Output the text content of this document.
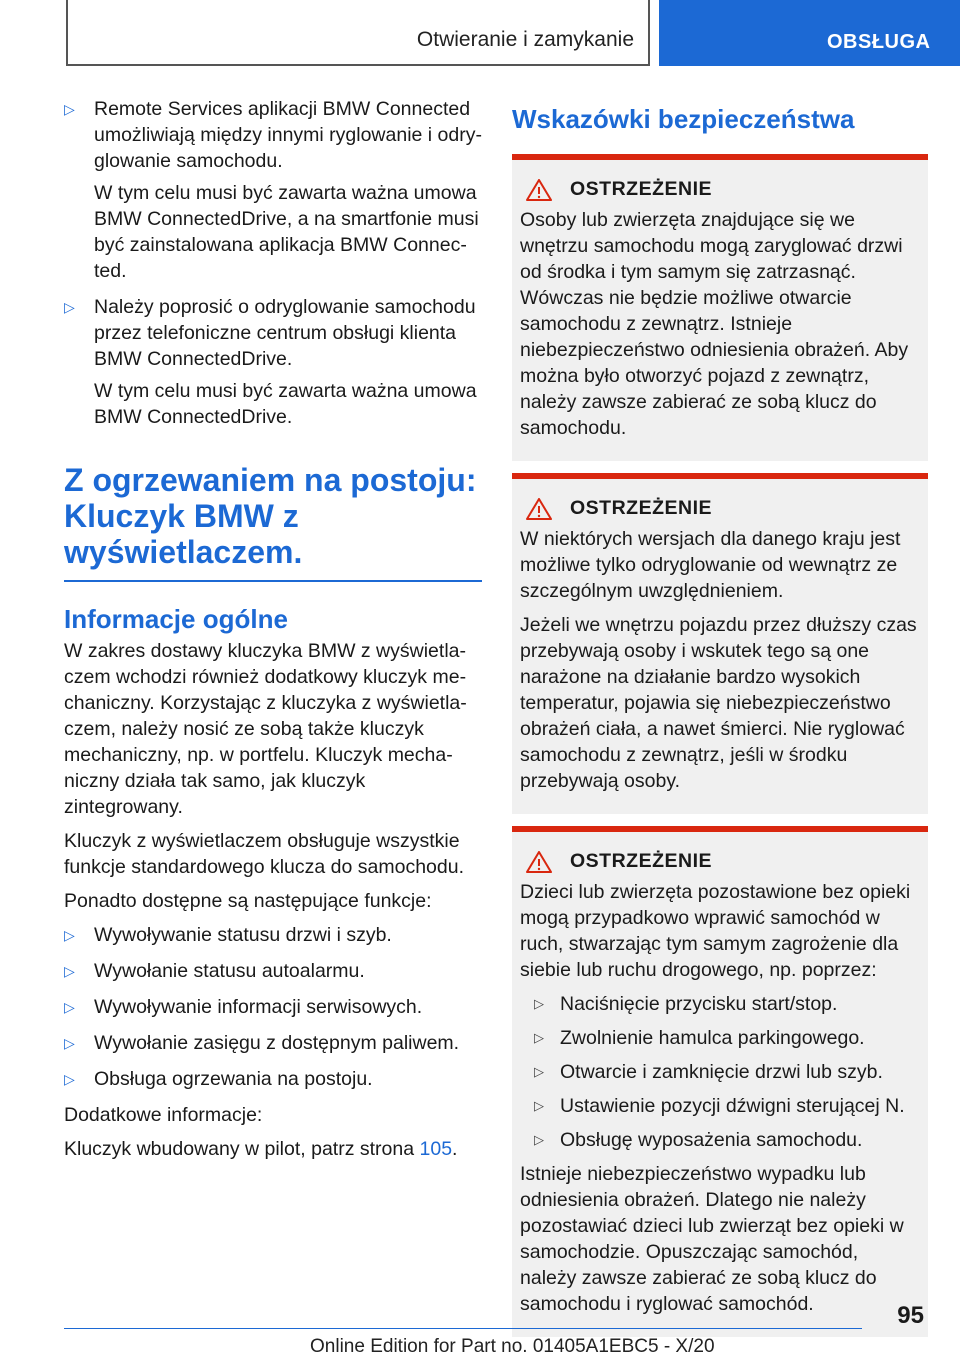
Otwieranie i zamykanie	OBSŁUGA
▷ Remote Services aplikacji BMW Connected umożliwiają między innymi ryglowanie i odryglowanie samochodu.

W tym celu musi być zawarta ważna umowa BMW ConnectedDrive, a na smartfonie musi być zainstalowana aplikacja BMW Connected.

▷ Należy poprosić o odryglowanie samochodu przez telefoniczne centrum obsługi klienta BMW ConnectedDrive.

W tym celu musi być zawarta ważna umowa BMW ConnectedDrive.

Z ogrzewaniem na postoju: Kluczyk BMW z wyświetlaczem.
Informacje ogólne

W zakres dostawy kluczyka BMW z wyświetlaczem wchodzi również dodatkowy kluczyk mechaniczny. Korzystając z kluczyka z wyświetlaczem, należy nosić ze sobą także kluczyk mechaniczny, np. w portfelu. Kluczyk mechaniczny działa tak samo, jak kluczyk zintegrowany.

Kluczyk z wyświetlaczem obsługuje wszystkie funkcje standardowego klucza do samochodu.

Ponadto dostępne są następujące funkcje:

▷ Wywoływanie statusu drzwi i szyb.

▷ Wywołanie statusu autoalarmu.

▷ Wywoływanie informacji serwisowych.

▷ Wywołanie zasięgu z dostępnym paliwem.

▷ Obsługa ogrzewania na postoju.

Dodatkowe informacje:

Kluczyk wbudowany w pilot, patrz strona 105.

Wskazówki bezpieczeństwa
OSTRZEŻENIE

Osoby lub zwierzęta znajdujące się we wnętrzu samochodu mogą zaryglować drzwi od środka i tym samym się zatrzasnąć. Wówczas nie będzie możliwe otwarcie samochodu z zewnątrz. Istnieje niebezpieczeństwo odniesienia obrażeń. Aby można było otworzyć pojazd z zewnątrz, należy zawsze zabierać ze sobą klucz do samochodu.

OSTRZEŻENIE

W niektórych wersjach dla danego kraju jest możliwe tylko odryglowanie od wewnątrz ze szczególnym uwzględnieniem.

Jeżeli we wnętrzu pojazdu przez dłuższy czas przebywają osoby i wskutek tego są one narażone na działanie bardzo wysokich temperatur, pojawia się niebezpieczeństwo obrażeń ciała, a nawet śmierci. Nie ryglować samochodu z zewnątrz, jeśli w środku przebywają osoby.

OSTRZEŻENIE

Dzieci lub zwierzęta pozostawione bez opieki mogą przypadkowo wprawić samochód w ruch, stwarzając tym samym zagrożenie dla siebie lub ruchu drogowego, np. poprzez:

▷ Naciśnięcie przycisku start/stop.

▷ Zwolnienie hamulca parkingowego.

▷ Otwarcie i zamknięcie drzwi lub szyb.

▷ Ustawienie pozycji dźwigni sterującej N.

▷ Obsługę wyposażenia samochodu.

Istnieje niebezpieczeństwo wypadku lub odniesienia obrażeń. Dlatego nie należy pozostawiać dzieci lub zwierząt bez opieki w samochodzie. Opuszczając samochód, należy zawsze zabierać ze sobą klucz do samochodu i ryglować samochód.	95
Online Edition for Part no. 01405A1EBC5 - X/20
